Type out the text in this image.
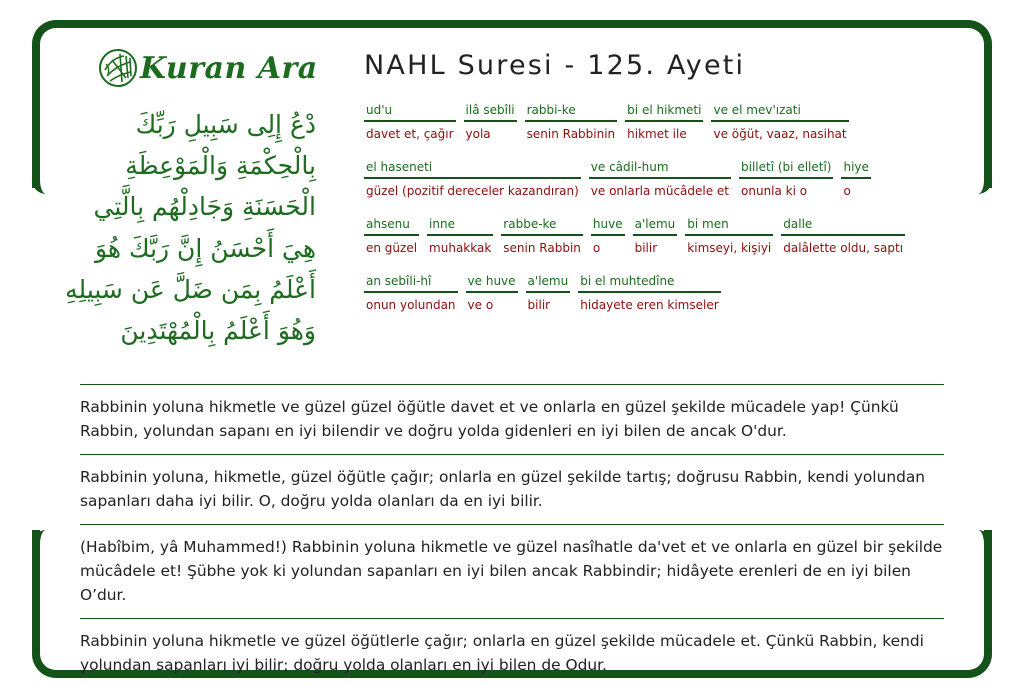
Kuran Ara
دْعُ إِلِى سَبِيلِ رَبِّكَ
بِالْحِكْمَةِ وَالْمَوْعِظَةِ
الْحَسَنَةِ وَجَادِلْهُم بِالَّتِي
هِيَ أَحْسَنُ إِنَّ رَبَّكَ هُوَ
أَعْلَمُ بِمَن ضَلَّ عَن سَبِيلِهِ
وَهُوَ أَعْلَمُ بِالْمُهْتَدِينَ
NAHL Suresi - 125. Ayeti
ud'u
davet et, çağır
ilâ sebîli
yola
rabbi-ke
senin Rabbinin
bi el hikmeti
hikmet ile
ve el mev'ızati
ve öğüt, vaaz, nasihat
el haseneti
güzel (pozitif dereceler kazandıran)
ve câdil-hum
ve onlarla mücâdele et
billetî (bi elletî)
onunla ki o
hiye
o
ahsenu
en güzel
inne
muhakkak
rabbe-ke
senin Rabbin
huve
o
a'lemu
bilir
bi men
kimseyi, kişiyi
dalle
dalâlette oldu, saptı
an sebîli-hî
onun yolundan
ve huve
ve o
a'lemu
bilir
bi el muhtedîne
hidayete eren kimseler

Rabbinin yoluna hikmetle ve güzel güzel öğütle davet et ve onlarla en güzel şekilde mücadele yap! Çünkü Rabbin, yolundan sapanı en iyi bilendir ve doğru yolda gidenleri en iyi bilen de ancak O'dur.

Rabbinin yoluna, hikmetle, güzel öğütle çağır; onlarla en güzel şekilde tartış; doğrusu Rabbin, kendi yolundan sapanları daha iyi bilir. O, doğru yolda olanları da en iyi bilir.

(Habîbim, yâ Muhammed!) Rabbinin yoluna hikmetle ve güzel nasîhatle da'vet et ve onlarla en güzel bir şekilde mücâdele et! Şübhe yok ki yolundan sapanları en iyi bilen ancak Rabbindir; hidâyete erenleri de en iyi bilen O’dur.

Rabbinin yoluna hikmetle ve güzel öğütlerle çağır; onlarla en güzel şekilde mücadele et. Çünkü Rabbin, kendi yolundan sapanları iyi bilir; doğru yolda olanları en iyi bilen de Odur.
